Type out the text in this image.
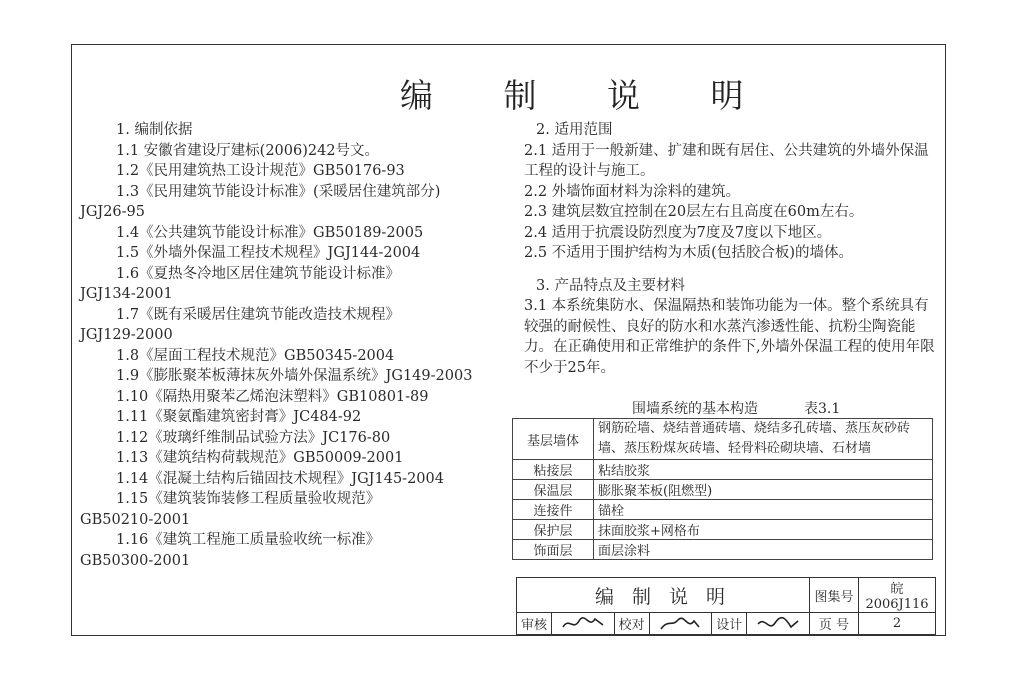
编 制 说 明

1. 编制依据

1.1 安徽省建设厅建标(2006)242号文。

1.2《民用建筑热工设计规范》GB50176-93

1.3《民用建筑节能设计标准》(采暖居住建筑部分)

JGJ26-95

1.4《公共建筑节能设计标准》GB50189-2005

1.5《外墙外保温工程技术规程》JGJ144-2004

1.6《夏热冬冷地区居住建筑节能设计标准》

JGJ134-2001

1.7《既有采暖居住建筑节能改造技术规程》

JGJ129-2000

1.8《屋面工程技术规范》GB50345-2004

1.9《膨胀聚苯板薄抹灰外墙外保温系统》JG149-2003

1.10《隔热用聚苯乙烯泡沫塑料》GB10801-89

1.11《聚氨酯建筑密封膏》JC484-92

1.12《玻璃纤维制品试验方法》JC176-80

1.13《建筑结构荷载规范》GB50009-2001

1.14《混凝土结构后锚固技术规程》JGJ145-2004

1.15《建筑装饰装修工程质量验收规范》

GB50210-2001

1.16《建筑工程施工质量验收统一标准》

GB50300-2001

2. 适用范围

2.1 适用于一般新建、扩建和既有居住、公共建筑的外墙外保温工程的设计与施工。

2.2 外墙饰面材料为涂料的建筑。

2.3 建筑层数宜控制在20层左右且高度在60m左右。

2.4 适用于抗震设防烈度为7度及7度以下地区。

2.5 不适用于围护结构为木质(包括胶合板)的墙体。

3. 产品特点及主要材料

3.1 本系统集防水、保温隔热和装饰功能为一体。整个系统具有较强的耐候性、良好的防水和水蒸汽渗透性能、抗粉尘陶瓷能力。在正确使用和正常维护的条件下,外墙外保温工程的使用年限不少于25年。

围墙系统的基本构造	表3.1
基层墙体	钢筋砼墙、烧结普通砖墙、烧结多孔砖墙、蒸压灰砂砖墙、蒸压粉煤灰砖墙、轻骨料砼砌块墙、石材墙
粘接层	粘结胶浆
保温层	膨胀聚苯板(阻燃型)
连接件	锚栓
保护层	抹面胶浆+网格布
饰面层	面层涂料
编 制 说 明						图集号	皖2006J116
审核		校对		设计		页 号	2
